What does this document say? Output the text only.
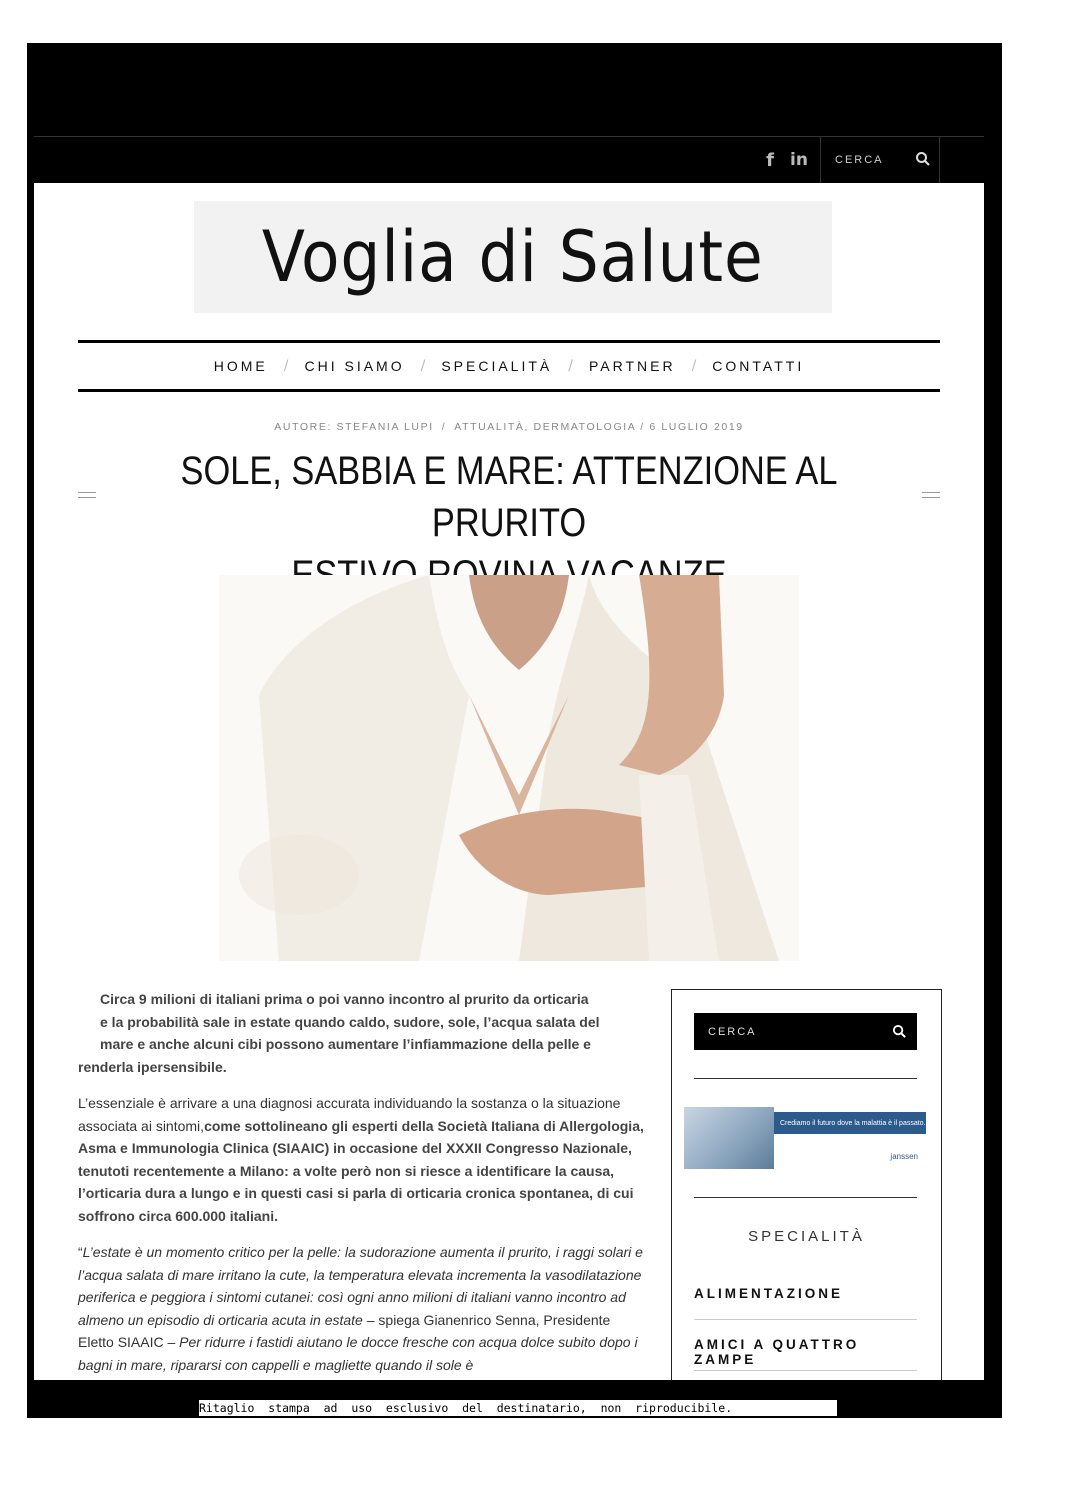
f in	CERCA
Voglia di Salute
HOME / CHI SIAMO / SPECIALITÀ / PARTNER / CONTATTI
AUTORE: STEFANIA LUPI / ATTUALITÀ, DERMATOLOGIA / 6 LUGLIO 2019
SOLE, SABBIA E MARE: ATTENZIONE AL PRURITO

Circa 9 milioni di italiani prima o poi vanno incontro al prurito da orticaria
e la probabilità sale in estate quando caldo, sudore, sole, l’acqua salata del
mare e anche alcuni cibi possono aumentare l’infiammazione della pelle e
renderla ipersensibile.

L’essenziale è arrivare a una diagnosi accurata individuando la sostanza o la situazione associata ai sintomi,come sottolineano gli esperti della Società Italiana di Allergologia, Asma e Immunologia Clinica (SIAAIC) in occasione del XXXII Congresso Nazionale, tenutoti recentemente a Milano: a volte però non si riesce a identificare la causa, l’orticaria dura a lungo e in questi casi si parla di orticaria cronica spontanea, di cui soffrono circa 600.000 italiani.

“L’estate è un momento critico per la pelle: la sudorazione aumenta il prurito, i raggi solari e l’acqua salata di mare irritano la cute, la temperatura elevata incrementa la vasodilatazione periferica e peggiora i sintomi cutanei: così ogni anno milioni di italiani vanno incontro ad almeno un episodio di orticaria acuta in estate – spiega Gianenrico Senna, Presidente Eletto SIAAIC – Per ridurre i fastidi aiutano le docce fresche con acqua dolce subito dopo i bagni in mare, ripararsi con cappelli e magliette quando il sole è

CERCA
Crediamo il futuro dove la malattia è il passato.
janssen
SPECIALITÀ
ALIMENTAZIONE
AMICI A QUATTRO ZAMPE
Ritaglio  stampa  ad  uso  esclusivo  del  destinatario,  non  riproducibile.
